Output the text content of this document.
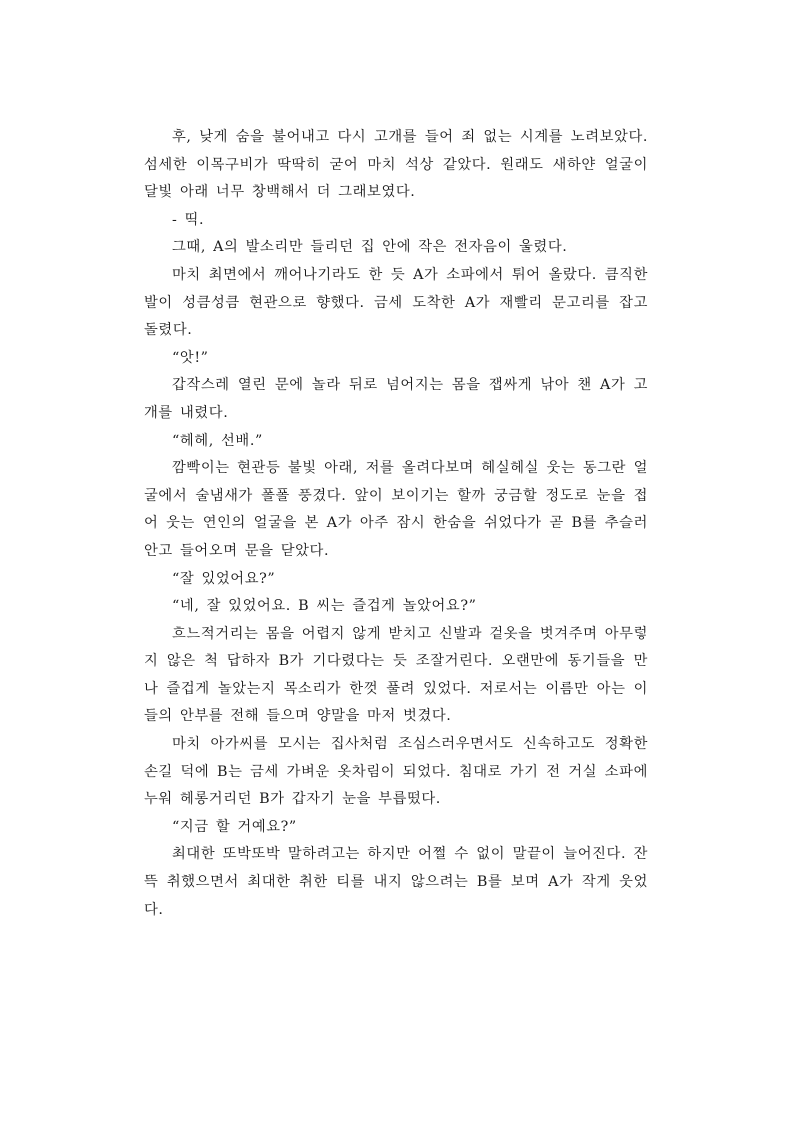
후, 낮게 숨을 불어내고 다시 고개를 들어 죄 없는 시계를 노려보았다. 섬세한 이목구비가 딱딱히 굳어 마치 석상 같았다. 원래도 새하얀 얼굴이 달빛 아래 너무 창백해서 더 그래보였다.

- 띡.

그때, A의 발소리만 들리던 집 안에 작은 전자음이 울렸다.

마치 최면에서 깨어나기라도 한 듯 A가 소파에서 튀어 올랐다. 큼직한 발이 성큼성큼 현관으로 향했다. 금세 도착한 A가 재빨리 문고리를 잡고 돌렸다.

“앗!”

갑작스레 열린 문에 놀라 뒤로 넘어지는 몸을 잽싸게 낚아 챈 A가 고개를 내렸다.

“헤헤, 선배.”

깜빡이는 현관등 불빛 아래, 저를 올려다보며 헤실헤실 웃는 동그란 얼굴에서 술냄새가 폴폴 풍겼다. 앞이 보이기는 할까 궁금할 정도로 눈을 접어 웃는 연인의 얼굴을 본 A가 아주 잠시 한숨을 쉬었다가 곧 B를 추슬러 안고 들어오며 문을 닫았다.

“잘 있었어요?”

“네, 잘 있었어요. B 씨는 즐겁게 놀았어요?”

흐느적거리는 몸을 어렵지 않게 받치고 신발과 겉옷을 벗겨주며 아무렇지 않은 척 답하자 B가 기다렸다는 듯 조잘거린다. 오랜만에 동기들을 만나 즐겁게 놀았는지 목소리가 한껏 풀려 있었다. 저로서는 이름만 아는 이들의 안부를 전해 들으며 양말을 마저 벗겼다.

마치 아가씨를 모시는 집사처럼 조심스러우면서도 신속하고도 정확한 손길 덕에 B는 금세 가벼운 옷차림이 되었다. 침대로 가기 전 거실 소파에 누워 헤롱거리던 B가 갑자기 눈을 부릅떴다.

“지금 할 거예요?”

최대한 또박또박 말하려고는 하지만 어쩔 수 없이 말끝이 늘어진다. 잔뜩 취했으면서 최대한 취한 티를 내지 않으려는 B를 보며 A가 작게 웃었다.
